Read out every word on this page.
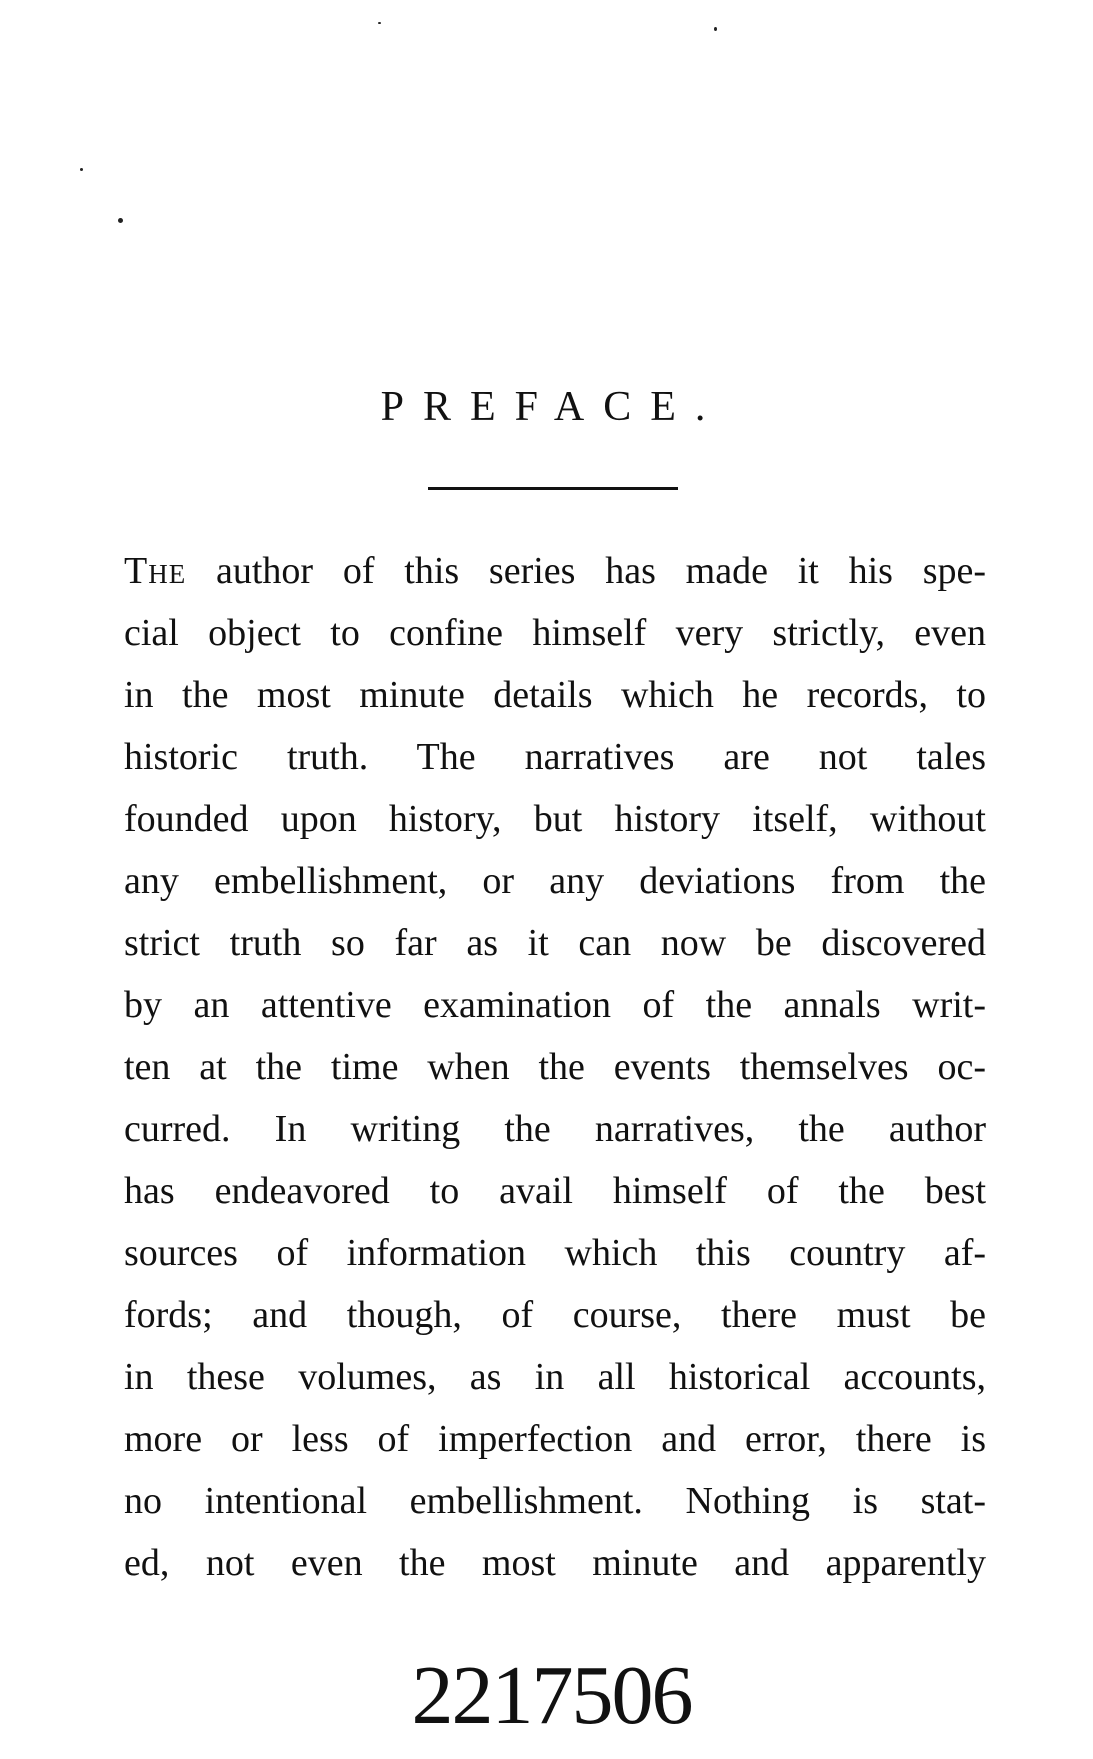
PREFACE.
The author of this series has made it his spe-
cial object to confine himself very strictly, even
in the most minute details which he records, to
historic truth. The narratives are not tales
founded upon history, but history itself, without
any embellishment, or any deviations from the
strict truth so far as it can now be discovered
by an attentive examination of the annals writ-
ten at the time when the events themselves oc-
curred. In writing the narratives, the author
has endeavored to avail himself of the best
sources of information which this country af-
fords; and though, of course, there must be
in these volumes, as in all historical accounts,
more or less of imperfection and error, there is
no intentional embellishment. Nothing is stat-
ed, not even the most minute and apparently
2217506
